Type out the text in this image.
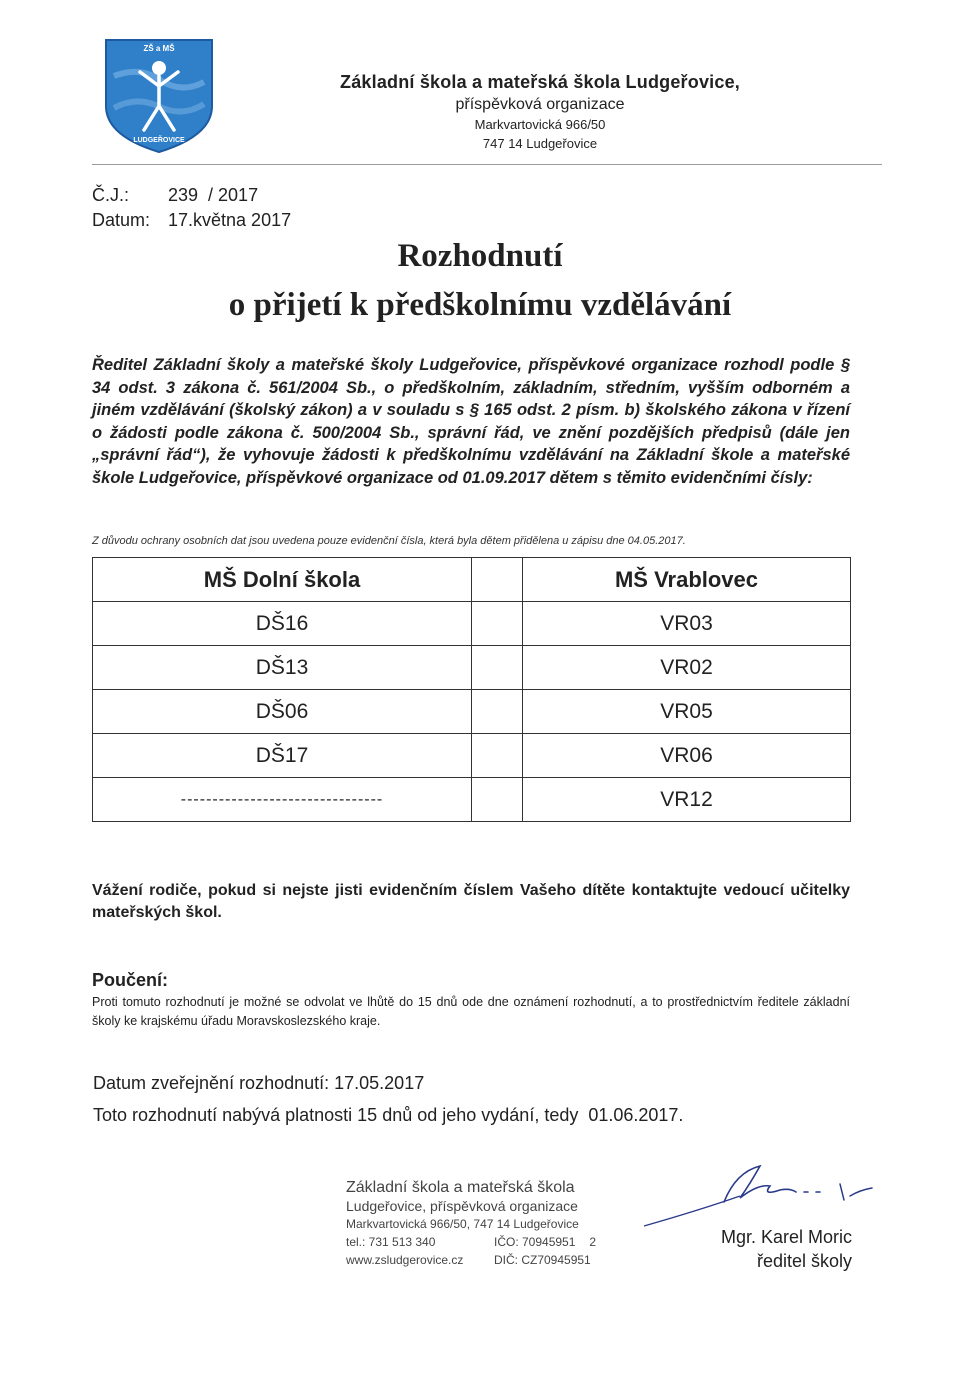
ZŠ a MŠ
LUDGEŘOVICE
Základní škola a mateřská škola Ludgeřovice,
příspěvková organizace
Markvartovická 966/50
747 14 Ludgeřovice
Č.J.: 239  / 2017
Datum: 17.května 2017
Rozhodnutí
o přijetí k předškolnímu vzdělávání
Ředitel Základní školy a mateřské školy Ludgeřovice, příspěvkové organizace rozhodl podle § 34 odst. 3 zákona č. 561/2004 Sb., o předškolním, základním, středním, vyšším odborném a jiném vzdělávání (školský zákon) a v souladu s § 165 odst. 2 písm. b) školského zákona v řízení o žádosti podle zákona č. 500/2004 Sb., správní řád, ve znění pozdějších předpisů (dále jen „správní řád“), že vyhovuje žádosti k předškolnímu vzdělávání na Základní škole a mateřské škole Ludgeřovice, příspěvkové organizace od 01.09.2017 dětem s těmito evidenčními čísly:
Z důvodu ochrany osobních dat jsou uvedena pouze evidenční čísla, která byla dětem přidělena u zápisu dne 04.05.2017.
MŠ Dolní škola		MŠ Vrablovec
DŠ16		VR03
DŠ13		VR02
DŠ06		VR05
DŠ17		VR06
--------------------------------		VR12
Vážení rodiče, pokud si nejste jisti evidenčním číslem Vašeho dítěte kontaktujte vedoucí učitelky mateřských škol.
Poučení:
Proti tomuto rozhodnutí je možné se odvolat ve lhůtě do 15 dnů ode dne oznámení rozhodnutí, a to prostřednictvím ředitele základní školy ke krajskému úřadu Moravskoslezského kraje.
Datum zveřejnění rozhodnutí: 17.05.2017
Toto rozhodnutí nabývá platnosti 15 dnů od jeho vydání, tedy  01.06.2017.
Základní škola a mateřská škola
Ludgeřovice, příspěvková organizace
Markvartovická 966/50, 747 14 Ludgeřovice
tel.: 731 513 340	IČO: 70945951 2
www.zsludgerovice.cz	DIČ: CZ70945951
Mgr. Karel Moric
ředitel školy
